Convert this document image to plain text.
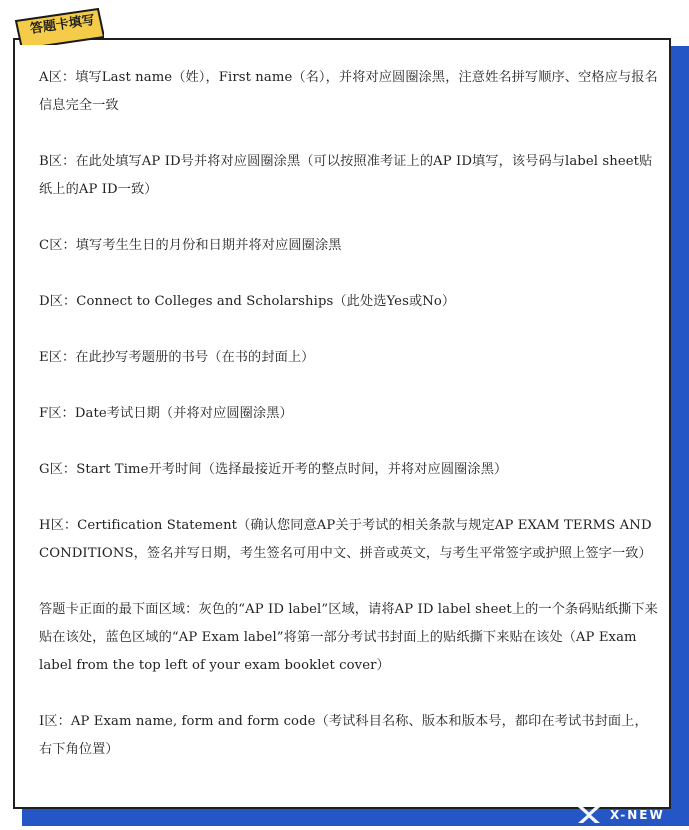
A区：填写Last name（姓），First name（名），并将对应圆圈涂黑，注意姓名拼写顺序、空格应与报名信息完全一致

B区：在此处填写AP ID号并将对应圆圈涂黑（可以按照准考证上的AP ID填写，该号码与label sheet贴纸上的AP ID一致）

C区：填写考生生日的月份和日期并将对应圆圈涂黑

D区：Connect to Colleges and Scholarships（此处选Yes或No）

E区：在此抄写考题册的书号（在书的封面上）

F区：Date考试日期（并将对应圆圈涂黑）

G区：Start Time开考时间（选择最接近开考的整点时间，并将对应圆圈涂黑）

H区：Certification Statement（确认您同意AP关于考试的相关条款与规定AP EXAM TERMS AND CONDITIONS，签名并写日期，考生签名可用中文、拼音或英文，与考生平常签字或护照上签字一致）

答题卡正面的最下面区域：灰色的“AP ID label”区域，请将AP ID label sheet上的一个条码贴纸撕下来贴在该处，蓝色区域的“AP Exam label”将第一部分考试书封面上的贴纸撕下来贴在该处（AP Exam label from the top left of your exam booklet cover）

I区：AP Exam name, form and form code（考试科目名称、版本和版本号，都印在考试书封面上，右下角位置）

答题卡填写
X-NEW
